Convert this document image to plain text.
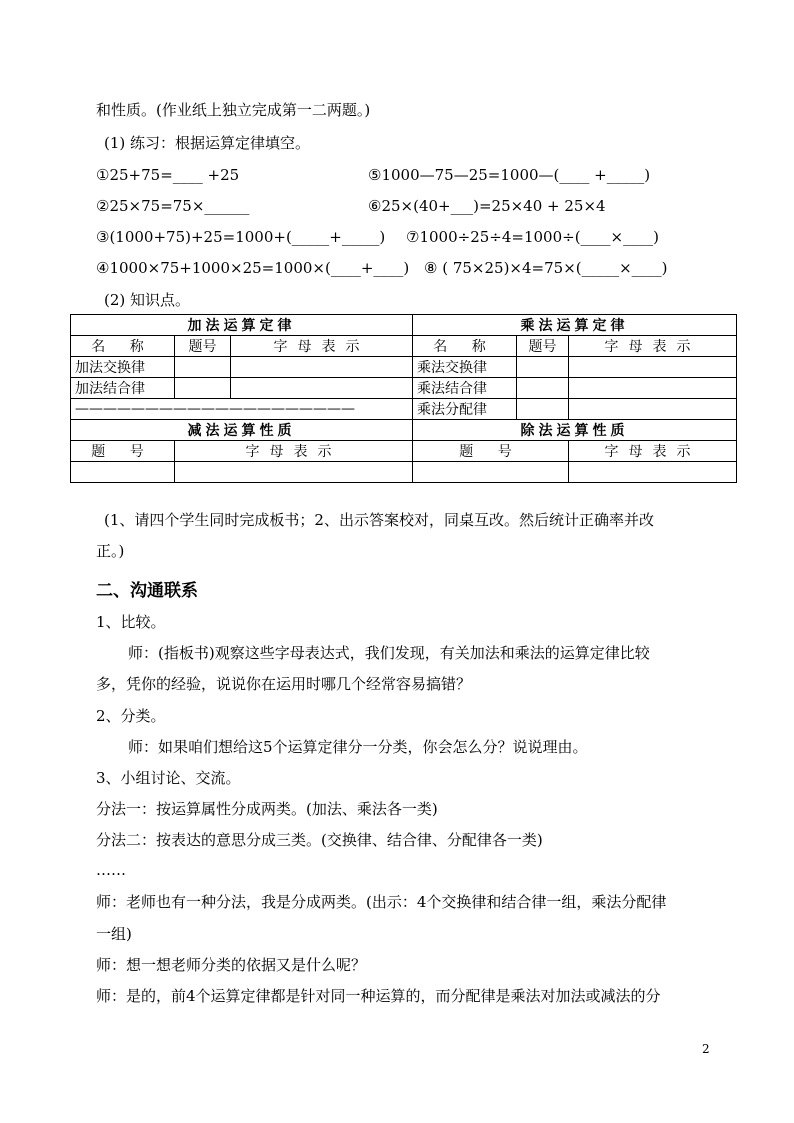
和性质。(作业纸上独立完成第一二两题。)
(1) 练习：根据运算定律填空。
①25+75=____ +25	⑤1000—75—25=1000—(____ +_____)
②25×75=75×______	⑥25×(40+___)=25×40 + 25×4
③(1000+75)+25=1000+(_____+_____) ⑦1000÷25÷4=1000÷(____×____)
④1000×75+1000×25=1000×(____+____) ⑧ ( 75×25)×4=75×(_____×____)
(2) 知识点。
加法运算定律			乘法运算定律		
名 称	题号	字母表示	名 称	题号	字母表示
加法交换律			乘法交换律		
加法结合律			乘法结合律		
————————————————————			乘法分配律		
减法运算性质			除法运算性质		
题 号	字母表示		题 号		字母表示

(1、请四个学生同时完成板书；2、出示答案校对，同桌互改。然后统计正确率并改
正。)
二、沟通联系
1、比较。
师：(指板书)观察这些字母表达式，我们发现，有关加法和乘法的运算定律比较
多，凭你的经验，说说你在运用时哪几个经常容易搞错？
2、分类。
师：如果咱们想给这5个运算定律分一分类，你会怎么分？说说理由。
3、小组讨论、交流。
分法一：按运算属性分成两类。(加法、乘法各一类)
分法二：按表达的意思分成三类。(交换律、结合律、分配律各一类)
……
师：老师也有一种分法，我是分成两类。(出示：4个交换律和结合律一组，乘法分配律
一组)
师：想一想老师分类的依据又是什么呢？
师：是的，前4个运算定律都是针对同一种运算的，而分配律是乘法对加法或减法的分
2
